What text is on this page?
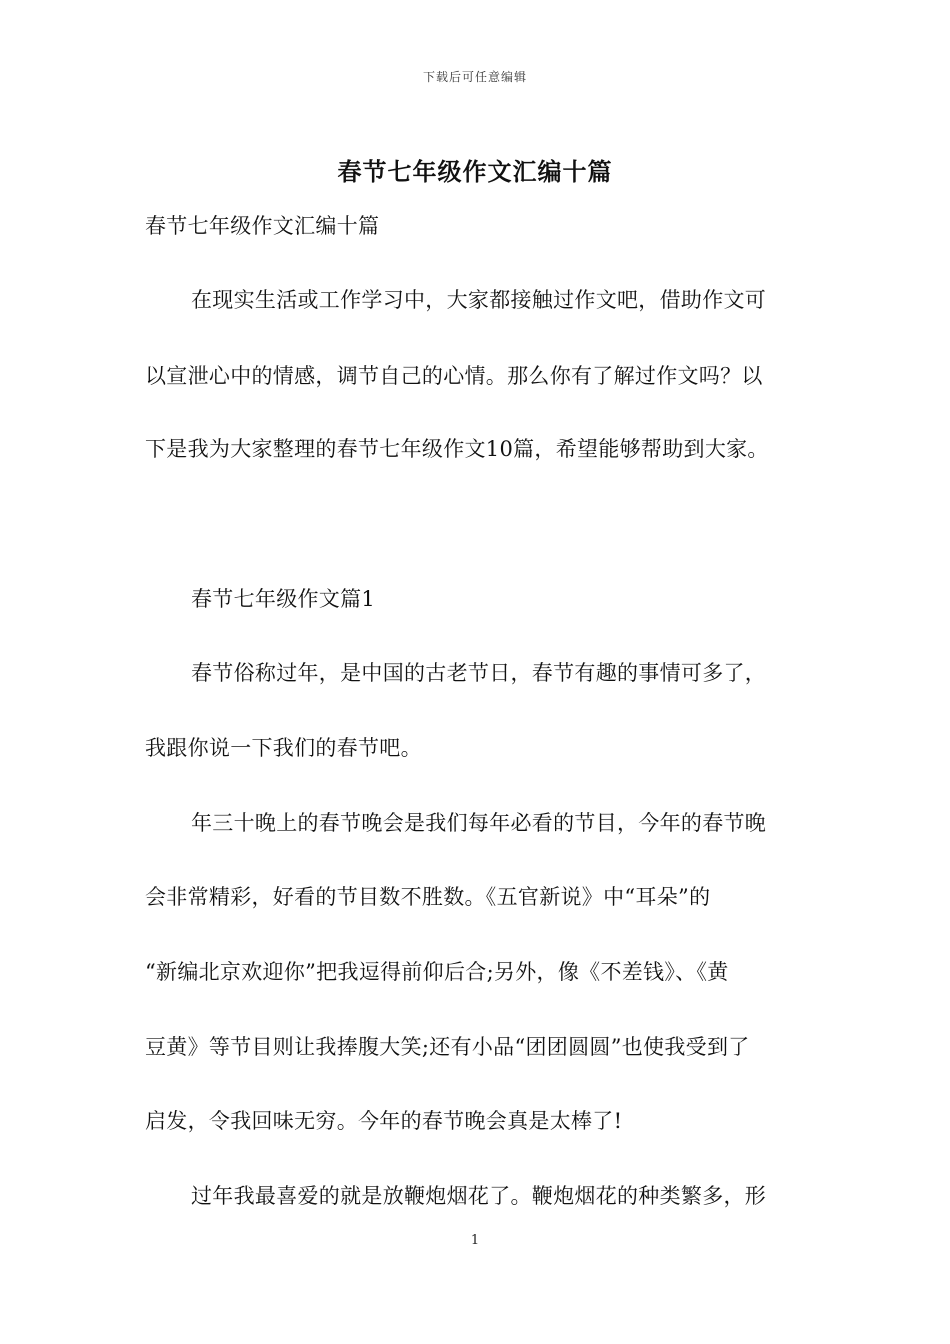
下载后可任意编辑
春节七年级作文汇编十篇
春节七年级作文汇编十篇
在现实生活或工作学习中，大家都接触过作文吧，借助作文可
以宣泄心中的情感，调节自己的心情。那么你有了解过作文吗？以
下是我为大家整理的春节七年级作文10篇，希望能够帮助到大家。
春节七年级作文篇1
春节俗称过年，是中国的古老节日，春节有趣的事情可多了，
我跟你说一下我们的春节吧。
年三十晚上的春节晚会是我们每年必看的节目，今年的春节晚
会非常精彩，好看的节目数不胜数。《五官新说》中“耳朵”的
“新编北京欢迎你”把我逗得前仰后合;另外，像《不差钱》、《黄
豆黄》等节目则让我捧腹大笑;还有小品“团团圆圆”也使我受到了
启发，令我回味无穷。今年的春节晚会真是太棒了!
过年我最喜爱的就是放鞭炮烟花了。鞭炮烟花的种类繁多，形
1
